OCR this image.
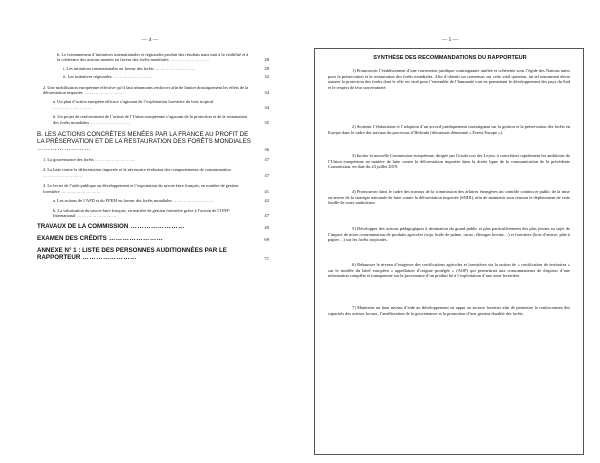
— 4 —
b. Le foisonnement d’initiatives internationales et régionales produit des résultats mais nuit à la visibilité et à la cohérence des actions menées en faveur des forêts mondiales ……………………	28
i. Les initiatives internationales en faveur des forêts ……………………	28
ii. Les initiatives régionales ……………………	32
2. Une mobilisation européenne effective qu’il faut néanmoins renforcer afin de limiter drastiquement les effets de la déforestation importée ……………………	34
a. Un plan d’action européen efficace s’agissant de l’exploitation forestière du bois tropical ……………………	34
b. Un projet de renforcement de l’action de l’Union européenne s’agissant de la protection et de la restauration des forêts mondiales ……………………	35
B. LES ACTIONS CONCRÈTES MENÉES PAR LA FRANCE AU PROFIT DE LA PRÉSERVATION ET DE LA RESTAURATION DES FORÊTS MONDIALES ……………………	36
1. La gouvernance des forêts ……………………	37
2. La lutte contre la déforestation importée et la nécessaire évolution des comportements de consommation ……………………	37
3. Le levier de l’aide publique au développement et l’exportation du savoir-faire français, en matière de gestion forestière ……………………	41
a. Les actions de l’AFD et du FFEM en faveur des forêts mondiales ……………………	42
b. La valorisation du savoir-faire français, en matière de gestion forestière grâce à l’action de l’ONF-International ……………………	47
TRAVAUX DE LA COMMISSION ……………………	49
EXAMEN DES CRÉDITS ……………………	69
ANNEXE N° 1 : LISTE DES PERSONNES AUDITIONNÉES PAR LE RAPPORTEUR ……………………	71
— 5 —
SYNTHÈSE DES RECOMMANDATIONS DU RAPPORTEUR
1) Promouvoir l’établissement d’une convention juridique contraignante unifiée et cohérente sous l’égide des Nations unies pour la préservation et la restauration des forêts mondiales. Afin d’obtenir un consensus sur cette vital question, un tel instrument devra assurer la protection des forêts dont le rôle est vital pour l’ensemble de l’humanité tout en permettant le développement des pays du Sud et le respect de leur souveraineté.
2) Soutenir l’élaboration et l’adoption d’un accord juridiquement contraignant sur la gestion et la préservation des forêts en Europe dans le cadre des travaux du processus d’Helsinki (désormais dénommé « Forest Europe »).
3) Inciter la nouvelle Commission européenne, dirigée par Ursula von der Leyen, à concrétiser rapidement les ambitions de l’Union européenne en matière de lutte contre la déforestation importée dans la droite ligne de la communication de la précédente Commission, en date du 23 juillet 2019.
4) Promouvoir dans le cadre des travaux de la commission des affaires étrangères un contrôle continu et public de la mise en œuvre de la stratégie nationale de lutte contre la déforestation importée (SNDI), afin de maintenir sous tension le déploiement de cette feuille de route ambitieuse.
5) Développer des actions pédagogiques à destination du grand public et plus particulièrement des plus jeunes au sujet de l’impact de notre consommation de produits agricoles (soja, huile de palme, cacao, élevages bovins…) et forestiers (bois d’œuvre, pâte à papier…) sur les forêts tropicales.
6) Rehausser le niveau d’exigence des certifications agricoles et forestières via la notion de « certification de territoires » sur le modèle du label européen « appellation d’origine protégée » (AOP) qui permettrait aux consommateurs de disposer d’une information complète et transparente sur la provenance d’un produit lié à l’exploitation d’une zone forestière.
7) Maintenir un haut niveau d’aide au développement en appui au secteur forestier afin de permettre le renforcement des capacités des acteurs locaux, l’amélioration de la gouvernance et la promotion d’une gestion durable des forêts.
